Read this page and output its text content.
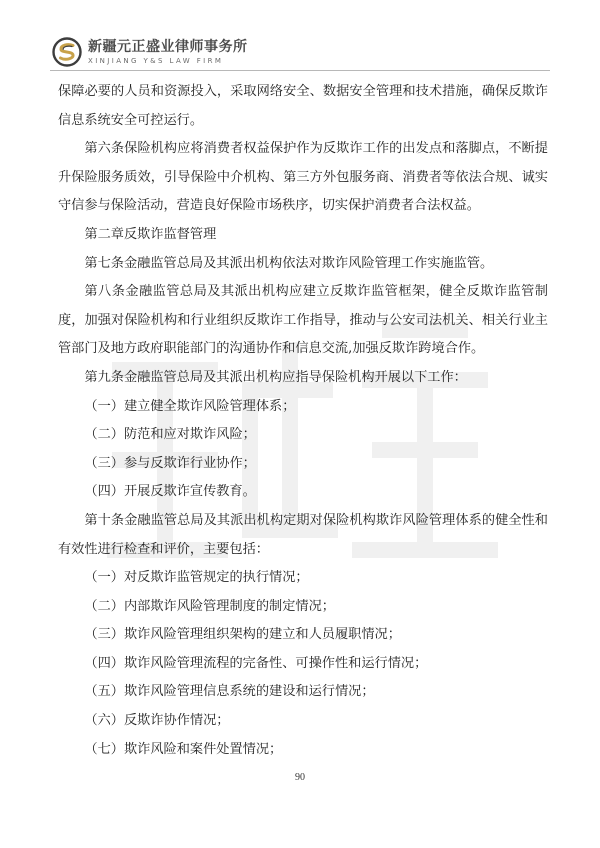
新疆元正盛业律师事务所
XINJIANG Y&S LAW FIRM

保障必要的人员和资源投入，采取网络安全、数据安全管理和技术措施，确保反欺诈信息系统安全可控运行。

第六条保险机构应将消费者权益保护作为反欺诈工作的出发点和落脚点，不断提升保险服务质效，引导保险中介机构、第三方外包服务商、消费者等依法合规、诚实守信参与保险活动，营造良好保险市场秩序，切实保护消费者合法权益。

第二章反欺诈监督管理

第七条金融监管总局及其派出机构依法对欺诈风险管理工作实施监管。

第八条金融监管总局及其派出机构应建立反欺诈监管框架，健全反欺诈监管制度，加强对保险机构和行业组织反欺诈工作指导，推动与公安司法机关、相关行业主管部门及地方政府职能部门的沟通协作和信息交流,加强反欺诈跨境合作。

第九条金融监管总局及其派出机构应指导保险机构开展以下工作：

（一）建立健全欺诈风险管理体系；

（二）防范和应对欺诈风险；

（三）参与反欺诈行业协作；

（四）开展反欺诈宣传教育。

第十条金融监管总局及其派出机构定期对保险机构欺诈风险管理体系的健全性和有效性进行检查和评价，主要包括：

（一）对反欺诈监管规定的执行情况；

（二）内部欺诈风险管理制度的制定情况；

（三）欺诈风险管理组织架构的建立和人员履职情况；

（四）欺诈风险管理流程的完备性、可操作性和运行情况；

（五）欺诈风险管理信息系统的建设和运行情况；

（六）反欺诈协作情况；

（七）欺诈风险和案件处置情况；

90
